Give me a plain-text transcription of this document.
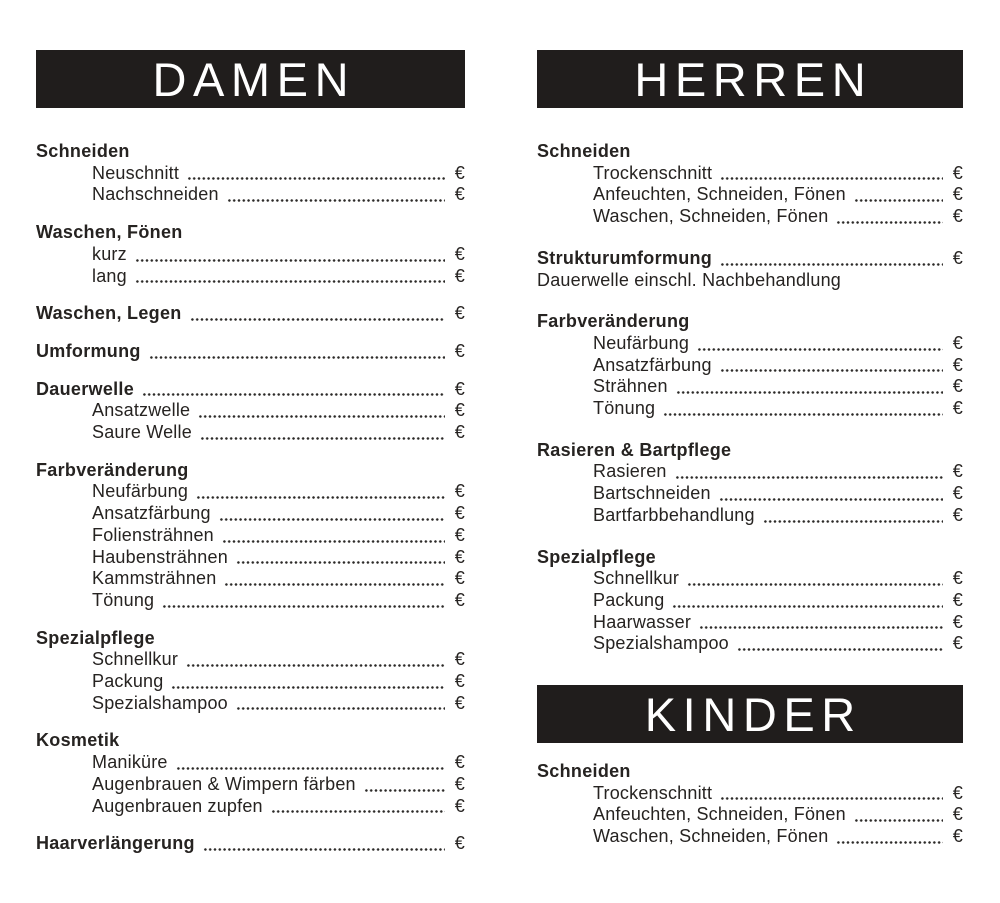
DAMEN
Schneiden
Neuschnitt	€
Nachschneiden	€
Waschen, Fönen
kurz	€
lang	€
Waschen, Legen	€
Umformung	€
Dauerwelle	€
Ansatzwelle	€
Saure Welle	€
Farbveränderung
Neufärbung	€
Ansatzfärbung	€
Foliensträhnen	€
Haubensträhnen	€
Kammsträhnen	€
Tönung	€
Spezialpflege
Schnellkur	€
Packung	€
Spezialshampoo	€
Kosmetik
Maniküre	€
Augenbrauen & Wimpern färben	€
Augenbrauen zupfen	€
Haarverlängerung	€
HERREN
Schneiden
Trockenschnitt	€
Anfeuchten, Schneiden, Fönen	€
Waschen, Schneiden, Fönen	€
Strukturumformung	€
Dauerwelle einschl. Nachbehandlung
Farbveränderung
Neufärbung	€
Ansatzfärbung	€
Strähnen	€
Tönung	€
Rasieren & Bartpflege
Rasieren	€
Bartschneiden	€
Bartfarbbehandlung	€
Spezialpflege
Schnellkur	€
Packung	€
Haarwasser	€
Spezialshampoo	€
KINDER
Schneiden
Trockenschnitt	€
Anfeuchten, Schneiden, Fönen	€
Waschen, Schneiden, Fönen	€
